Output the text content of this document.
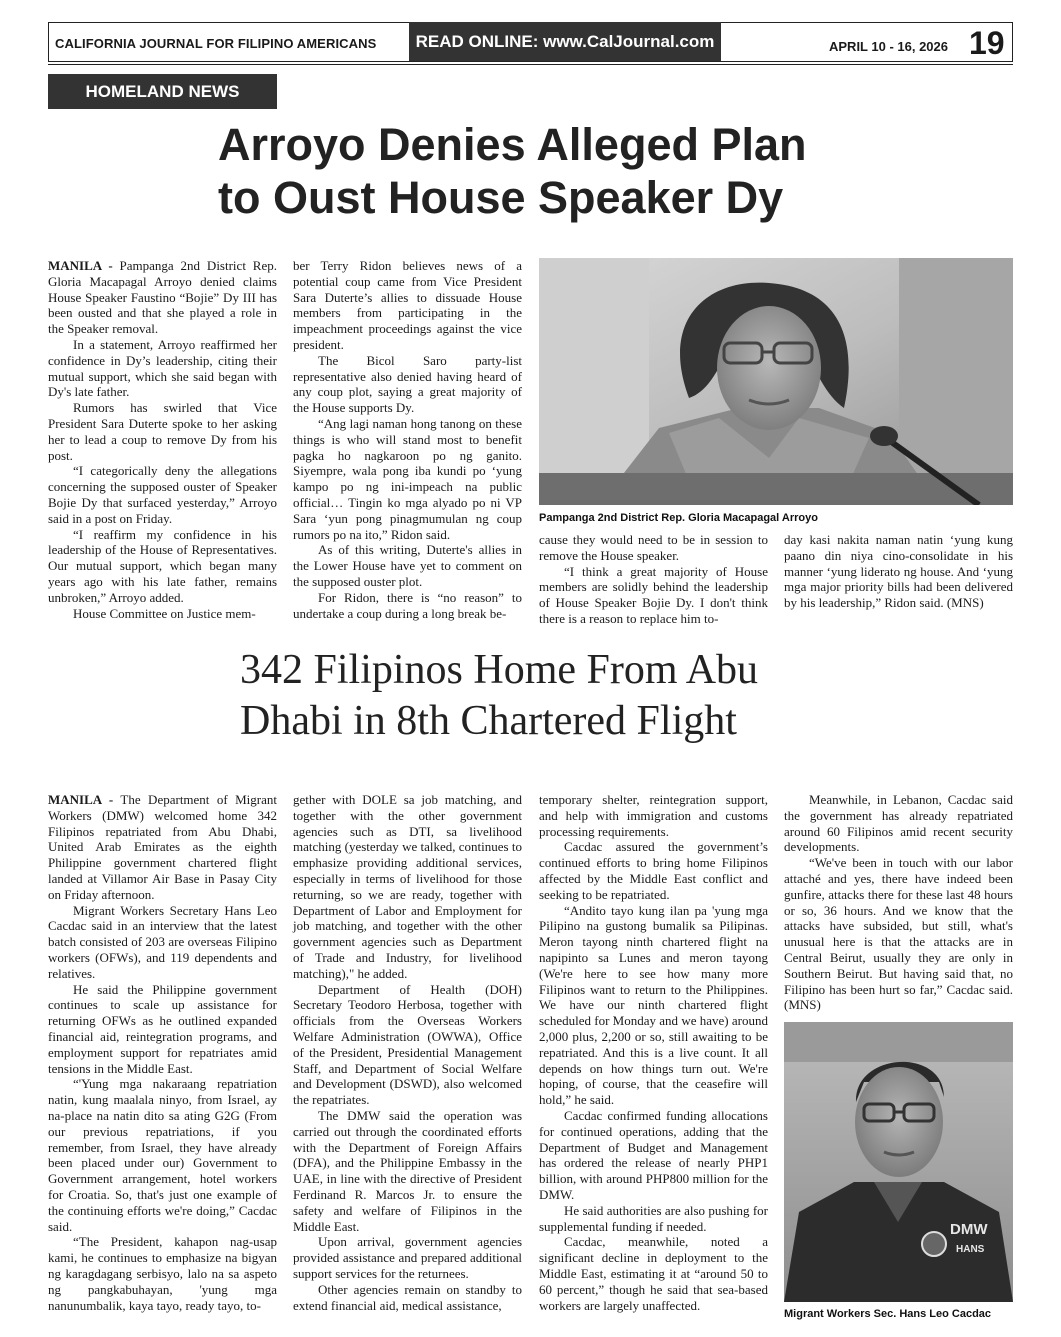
CALIFORNIA JOURNAL FOR FILIPINO AMERICANS	READ ONLINE: www.CalJournal.com	APRIL 10 - 16, 2026 19
HOMELAND NEWS
Arroyo Denies Alleged Plan
to Oust House Speaker Dy

MANILA - Pampanga 2nd District Rep. Gloria Macapagal Arroyo denied claims House Speaker Faustino “Bojie” Dy III has been ousted and that she played a role in the Speaker removal.

In a statement, Arroyo reaffirmed her confidence in Dy’s leadership, citing their mutual support, which she said began with Dy's late father.

Rumors has swirled that Vice President Sara Duterte spoke to her asking her to lead a coup to remove Dy from his post.

“I categorically deny the allegations concerning the supposed ouster of Speaker Bojie Dy that surfaced yesterday,” Arroyo said in a post on Friday.

“I reaffirm my confidence in his leadership of the House of Representatives. Our mutual support, which began many years ago with his late father, remains unbroken,” Arroyo added.

House Committee on Justice mem-

ber Terry Ridon believes news of a potential coup came from Vice President Sara Duterte’s allies to dissuade House members from participating in the impeachment proceedings against the vice president.

The Bicol Saro party-list representative also denied having heard of any coup plot, saying a great majority of the House supports Dy.

“Ang lagi naman hong tanong on these things is who will stand most to benefit pagka ho nagkaroon po ng ganito. Siyempre, wala pong iba kundi po ‘yung kampo po ng ini-impeach na public official… Tingin ko mga alyado po ni VP Sara ‘yun pong pinagmumulan ng coup rumors po na ito,” Ridon said.

As of this writing, Duterte's allies in the Lower House have yet to comment on the supposed ouster plot.

For Ridon, there is “no reason” to undertake a coup during a long break be-

Pampanga 2nd District Rep. Gloria Macapagal Arroyo

cause they would need to be in session to remove the House speaker.

“I think a great majority of House members are solidly behind the leadership of House Speaker Bojie Dy. I don't think there is a reason to replace him to-

day kasi nakita naman natin ‘yung kung paano din niya cino-consolidate in his manner ‘yung liderato ng house. And ‘yung mga major priority bills had been delivered by his leadership,” Ridon said. (MNS)

342 Filipinos Home From Abu
Dhabi in 8th Chartered Flight

MANILA - The Department of Migrant Workers (DMW) welcomed home 342 Filipinos repatriated from Abu Dhabi, United Arab Emirates as the eighth Philippine government chartered flight landed at Villamor Air Base in Pasay City on Friday afternoon.

Migrant Workers Secretary Hans Leo Cacdac said in an interview that the latest batch consisted of 203 are overseas Filipino workers (OFWs), and 119 dependents and relatives.

He said the Philippine government continues to scale up assistance for returning OFWs as he outlined expanded financial aid, reintegration programs, and employment support for repatriates amid tensions in the Middle East.

“'Yung mga nakaraang repatriation natin, kung maalala ninyo, from Israel, ay na-place na natin dito sa ating G2G (From our previous repatriations, if you remember, from Israel, they have already been placed under our) Government to Government arrangement, hotel workers for Croatia. So, that's just one example of the continuing efforts we're doing,” Cacdac said.

“The President, kahapon nag-usap kami, he continues to emphasize na bigyan ng karagdagang serbisyo, lalo na sa aspeto ng pangkabuhayan, 'yung mga nanunumbalik, kaya tayo, ready tayo, to-

gether with DOLE sa job matching, and together with the other government agencies such as DTI, sa livelihood matching (yesterday we talked, continues to emphasize providing additional services, especially in terms of livelihood for those returning, so we are ready, together with Department of Labor and Employment for job matching, and together with the other government agencies such as Department of Trade and Industry, for livelihood matching)," he added.

Department of Health (DOH) Secretary Teodoro Herbosa, together with officials from the Overseas Workers Welfare Administration (OWWA), Office of the President, Presidential Management Staff, and Department of Social Welfare and Development (DSWD), also welcomed the repatriates.

The DMW said the operation was carried out through the coordinated efforts with the Department of Foreign Affairs (DFA), and the Philippine Embassy in the UAE, in line with the directive of President Ferdinand R. Marcos Jr. to ensure the safety and welfare of Filipinos in the Middle East.

Upon arrival, government agencies provided assistance and prepared additional support services for the returnees.

Other agencies remain on standby to extend financial aid, medical assistance,

temporary shelter, reintegration support, and help with immigration and customs processing requirements.

Cacdac assured the government’s continued efforts to bring home Filipinos affected by the Middle East conflict and seeking to be repatriated.

“Andito tayo kung ilan pa 'yung mga Pilipino na gustong bumalik sa Pilipinas. Meron tayong ninth chartered flight na napipinto sa Lunes and meron tayong (We're here to see how many more Filipinos want to return to the Philippines. We have our ninth chartered flight scheduled for Monday and we have) around 2,000 plus, 2,200 or so, still awaiting to be repatriated. And this is a live count. It all depends on how things turn out. We're hoping, of course, that the ceasefire will hold,” he said.

Cacdac confirmed funding allocations for continued operations, adding that the Department of Budget and Management has ordered the release of nearly PHP1 billion, with around PHP800 million for the DMW.

He said authorities are also pushing for supplemental funding if needed.

Cacdac, meanwhile, noted a significant decline in deployment to the Middle East, estimating it at “around 50 to 60 percent,” though he said that sea-based workers are largely unaffected.

Meanwhile, in Lebanon, Cacdac said the government has already repatriated around 60 Filipinos amid recent security developments.

“We've been in touch with our labor attaché and yes, there have indeed been gunfire, attacks there for these last 48 hours or so, 36 hours. And we know that the attacks have subsided, but still, what's unusual here is that the attacks are in Central Beirut, usually they are only in Southern Beirut. But having said that, no Filipino has been hurt so far,” Cacdac said. (MNS)

DMW
HANS
Migrant Workers Sec. Hans Leo Cacdac
